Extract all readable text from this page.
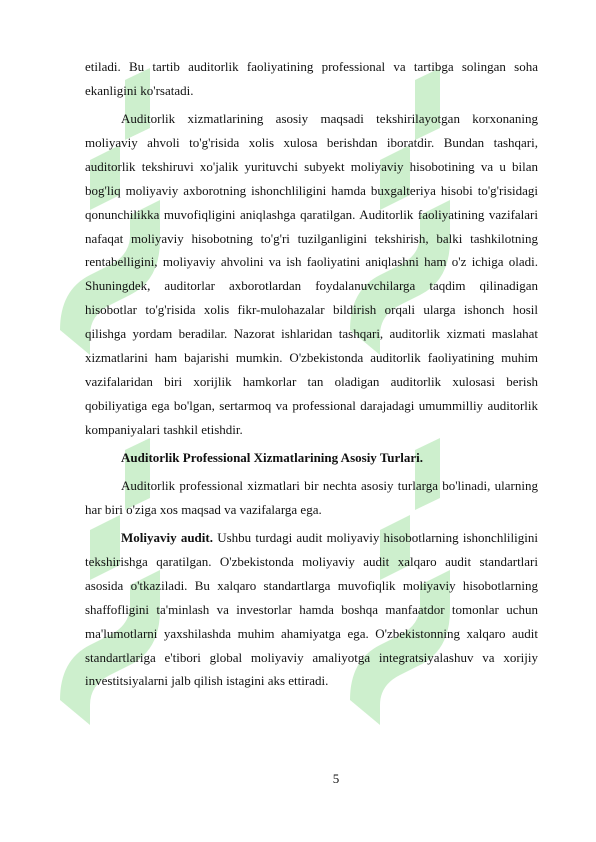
etiladi. Bu tartib auditorlik faoliyatining professional va tartibga solingan soha ekanligini ko'rsatadi.

Auditorlik xizmatlarining asosiy maqsadi tekshirilayotgan korxonaning moliyaviy ahvoli to'g'risida xolis xulosa berishdan iboratdir. Bundan tashqari, auditorlik tekshiruvi xo'jalik yurituvchi subyekt moliyaviy hisobotining va u bilan bog'liq moliyaviy axborotning ishonchliligini hamda buxgalteriya hisobi to'g'risidagi qonunchilikka muvofiqligini aniqlashga qaratilgan. Auditorlik faoliyatining vazifalari nafaqat moliyaviy hisobotning to'g'ri tuzilganligini tekshirish, balki tashkilotning rentabelligini, moliyaviy ahvolini va ish faoliyatini aniqlashni ham o'z ichiga oladi. Shuningdek, auditorlar axborotlardan foydalanuvchilarga taqdim qilinadigan hisobotlar to'g'risida xolis fikr-mulohazalar bildirish orqali ularga ishonch hosil qilishga yordam beradilar. Nazorat ishlaridan tashqari, auditorlik xizmati maslahat xizmatlarini ham bajarishi mumkin. O'zbekistonda auditorlik faoliyatining muhim vazifalaridan biri xorijlik hamkorlar tan oladigan auditorlik xulosasi berish qobiliyatiga ega bo'lgan, sertarmoq va professional darajadagi umummilliy auditorlik kompaniyalari tashkil etishdir.

Auditorlik Professional Xizmatlarining Asosiy Turlari.

Auditorlik professional xizmatlari bir nechta asosiy turlarga bo'linadi, ularning har biri o'ziga xos maqsad va vazifalarga ega.

Moliyaviy audit. Ushbu turdagi audit moliyaviy hisobotlarning ishonchliligini tekshirishga qaratilgan. O'zbekistonda moliyaviy audit xalqaro audit standartlari asosida o'tkaziladi. Bu xalqaro standartlarga muvofiqlik moliyaviy hisobotlarning shaffofligini ta'minlash va investorlar hamda boshqa manfaatdor tomonlar uchun ma'lumotlarni yaxshilashda muhim ahamiyatga ega. O'zbekistonning xalqaro audit standartlariga e'tibori global moliyaviy amaliyotga integratsiyalashuv va xorijiy investitsiyalarni jalb qilish istagini aks ettiradi.

5
